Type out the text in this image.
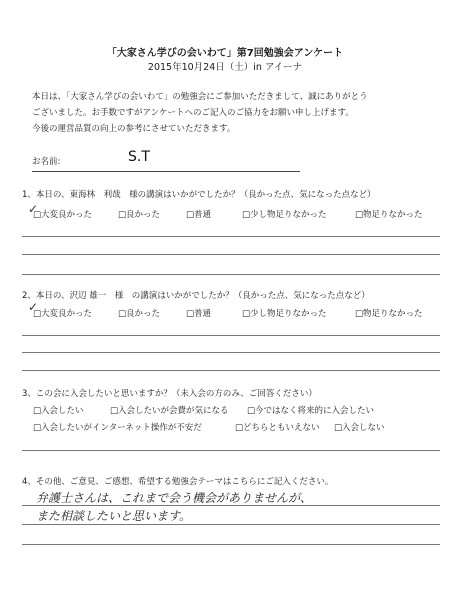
「大家さん学びの会いわて」第7回勉強会アンケート
2015年10月24日（土）in アイーナ
本日は、「大家さん学びの会いわて」の勉強会にご参加いただきまして、誠にありがとう
ございました。お手数ですがアンケートへのご記入のご協力をお願い申し上げます。
今後の運営品質の向上の参考にさせていただきます。
お名前:	S.T
1、本日の、東海林　利哉　様の講演はいかがでしたか？（良かった点、気になった点など）
□大変良かった
✓	□良かった	□普通	□少し物足りなかった	□物足りなかった
2、本日の、沢辺 雄一　様　の講演はいかがでしたか？（良かった点、気になった点など）
□大変良かった
✓	□良かった	□普通	□少し物足りなかった	□物足りなかった
3、この会に入会したいと思いますか？（未入会の方のみ、ご回答ください）
□入会したい	□入会したいが会費が気になる □今ではなく将来的に入会したい
□入会したいがインターネット操作が不安だ	□どちらともいえない □入会しない
4、その他、ご意見、ご感想、希望する勉強会テーマはこちらにご記入ください。
弁護士さんは、これまで会う機会がありませんが、
また相談したいと思います。
